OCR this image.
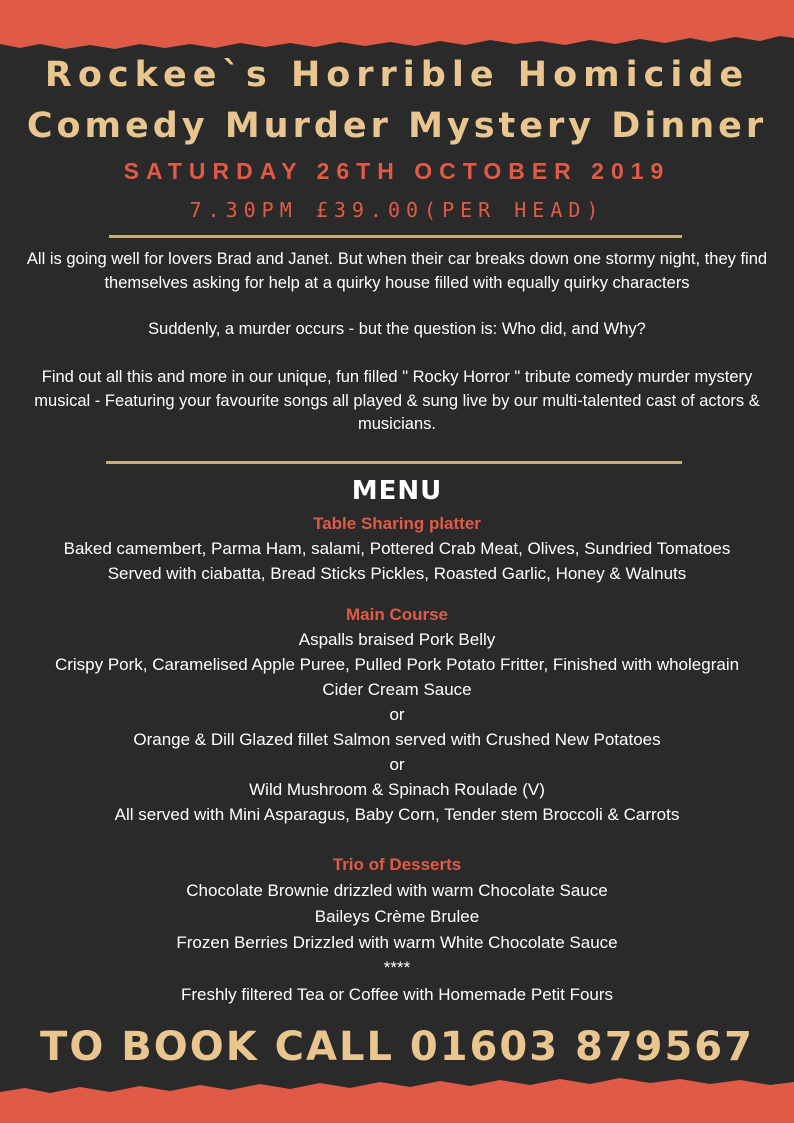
Rockee`s Horrible Homicide
Comedy Murder Mystery Dinner
SATURDAY 26TH OCTOBER 2019
7.30PM £39.00(PER HEAD)
All is going well for lovers Brad and Janet. But when their car breaks down one stormy night, they find themselves asking for help at a quirky house filled with equally quirky characters
Suddenly, a murder occurs - but the question is: Who did, and Why?
Find out all this and more in our unique, fun filled " Rocky Horror " tribute comedy murder mystery musical - Featuring your favourite songs all played & sung live by our multi-talented cast of actors & musicians.
MENU
Table Sharing platter
Baked camembert, Parma Ham, salami, Pottered Crab Meat, Olives, Sundried Tomatoes
Served with ciabatta, Bread Sticks Pickles, Roasted Garlic, Honey & Walnuts
Main Course
Aspalls braised Pork Belly
Crispy Pork, Caramelised Apple Puree, Pulled Pork Potato Fritter, Finished with wholegrain
Cider Cream Sauce
or
Orange & Dill Glazed fillet Salmon served with Crushed New Potatoes
or
Wild Mushroom & Spinach Roulade (V)
All served with Mini Asparagus, Baby Corn, Tender stem Broccoli & Carrots
Trio of Desserts
Chocolate Brownie drizzled with warm Chocolate Sauce
Baileys Crème Brulee
Frozen Berries Drizzled with warm White Chocolate Sauce
****
Freshly filtered Tea or Coffee with Homemade Petit Fours
TO BOOK CALL 01603 879567
